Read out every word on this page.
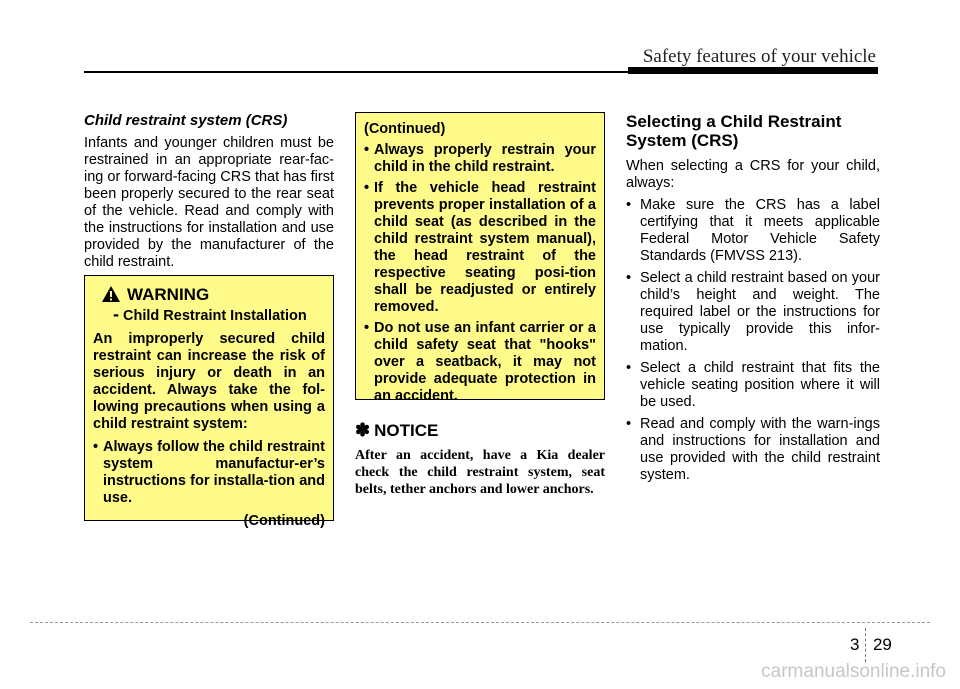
Safety features of your vehicle
Child restraint system (CRS)
Infants and younger children must be restrained in an appropriate rear-fac-ing or forward-facing CRS that has first been properly secured to the rear seat of the vehicle. Read and comply with the instructions for installation and use provided by the manufacturer of the child restraint.
WARNING
- Child Restraint Installation
An improperly secured child restraint can increase the risk of serious injury or death in an accident. Always take the fol-lowing precautions when using a child restraint system:
• Always follow the child restraint system manufactur-er’s instructions for installa-tion and use.
(Continued)
(Continued)
• Always properly restrain your child in the child restraint.
• If the vehicle head restraint prevents proper installation of a child seat (as described in the child restraint system manual), the head restraint of the respective seating posi-tion shall be readjusted or entirely removed.
• Do not use an infant carrier or a child safety seat that "hooks" over a seatback, it may not provide adequate protection in an accident.
✽ NOTICE
After an accident, have a Kia dealer check the child restraint system, seat belts, tether anchors and lower anchors.
Selecting a Child Restraint System (CRS)
When selecting a CRS for your child, always:
• Make sure the CRS has a label certifying that it meets applicable Federal Motor Vehicle Safety Standards (FMVSS 213).
• Select a child restraint based on your child’s height and weight. The required label or the instructions for use typically provide this infor-mation.
• Select a child restraint that fits the vehicle seating position where it will be used.
• Read and comply with the warn-ings and instructions for installation and use provided with the child restraint system.
3 29
carmanualsonline.info
